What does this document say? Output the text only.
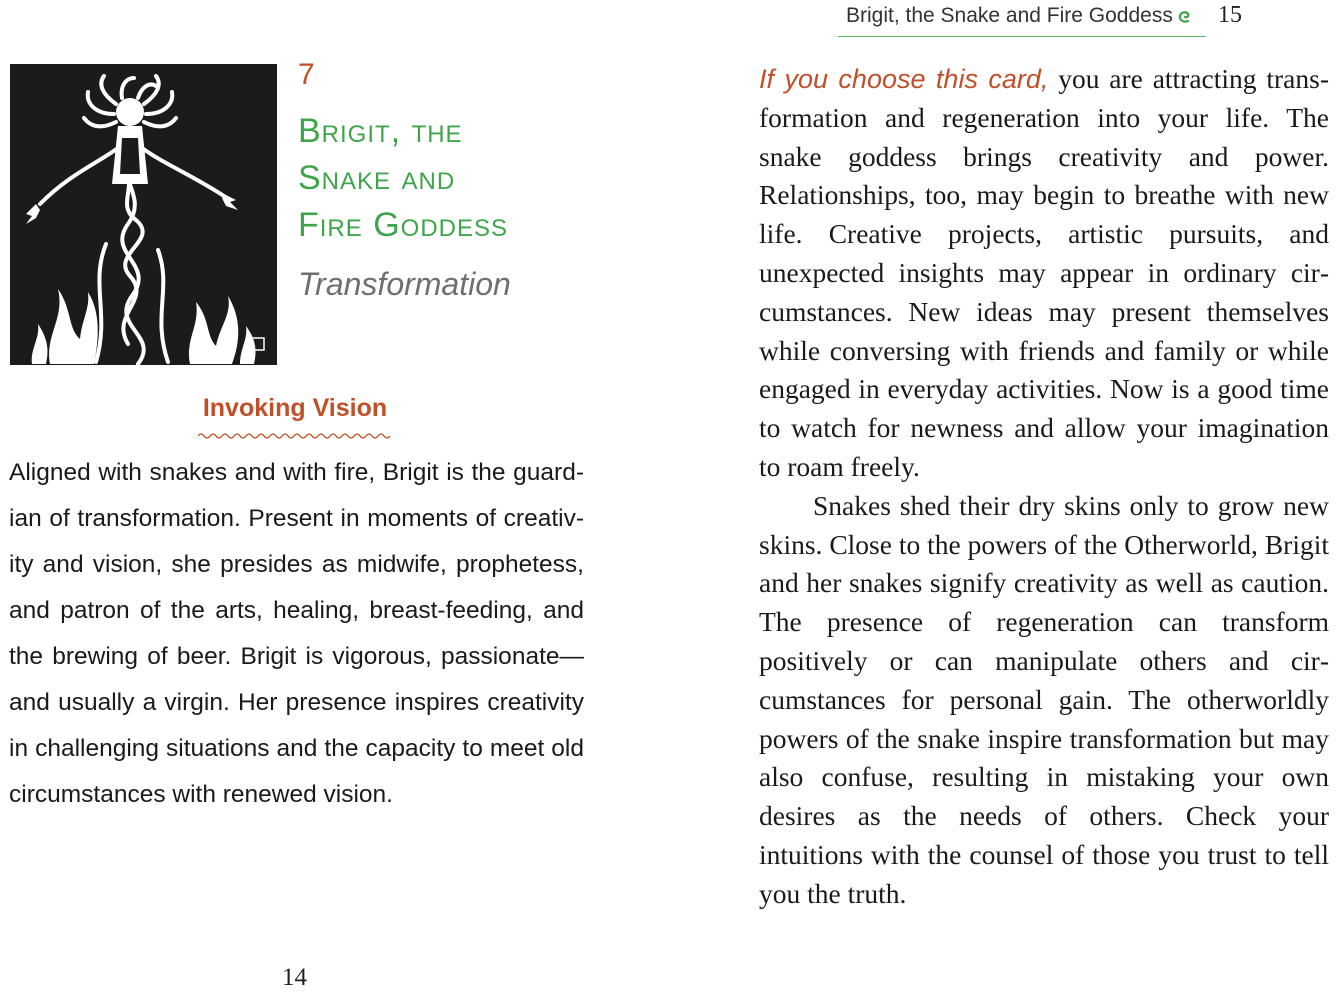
7
Brigit, the
Snake and
Fire Goddess
Transformation
Invoking Vision

Aligned with snakes and with fire, Brigit is the guardian of transformation. Present in moments of creativity and vision, she presides as midwife, prophetess, and patron of the arts, healing, breast-feeding, and the brewing of beer. Brigit is vigorous, passionate—and usually a virgin. Her presence inspires creativity in challenging situations and the capacity to meet old circumstances with renewed vision.

14
Brigit, the Snake and Fire Goddess 15

If you choose this card, you are attracting transformation and regeneration into your life. The snake goddess brings creativity and power. Relationships, too, may begin to breathe with new life. Creative projects, artistic pursuits, and unexpected insights may appear in ordinary circumstances. New ideas may present themselves while conversing with friends and family or while engaged in everyday activities. Now is a good time to watch for newness and allow your imagination to roam freely.

Snakes shed their dry skins only to grow new skins. Close to the powers of the Otherworld, Brigit and her snakes signify creativity as well as caution. The presence of regeneration can transform positively or can manipulate others and circumstances for personal gain. The otherworldly powers of the snake inspire transformation but may also confuse, resulting in mistaking your own desires as the needs of others. Check your intuitions with the counsel of those you trust to tell you the truth.
